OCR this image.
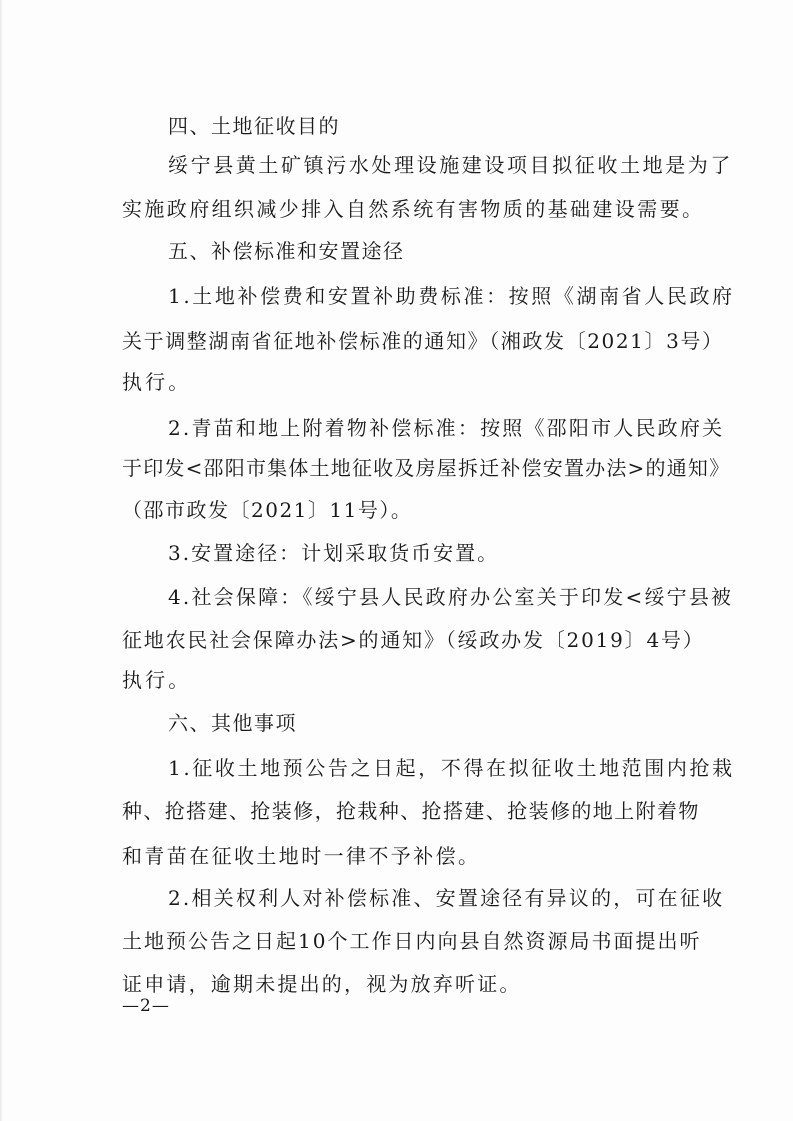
四、土地征收目的
绥宁县黄土矿镇污水处理设施建设项目拟征收土地是为了
实施政府组织减少排入自然系统有害物质的基础建设需要。
五、补偿标准和安置途径
1.土地补偿费和安置补助费标准：按照《湖南省人民政府
关于调整湖南省征地补偿标准的通知》（湘政发〔2021〕3号）
执行。
2.青苗和地上附着物补偿标准：按照《邵阳市人民政府关
于印发<邵阳市集体土地征收及房屋拆迁补偿安置办法>的通知》
（邵市政发〔2021〕11号）。
3.安置途径：计划采取货币安置。
4.社会保障：《绥宁县人民政府办公室关于印发<绥宁县被
征地农民社会保障办法>的通知》（绥政办发〔2019〕4号）
执行。
六、其他事项
1.征收土地预公告之日起，不得在拟征收土地范围内抢栽
种、抢搭建、抢装修，抢栽种、抢搭建、抢装修的地上附着物
和青苗在征收土地时一律不予补偿。
2.相关权利人对补偿标准、安置途径有异议的，可在征收
土地预公告之日起10个工作日内向县自然资源局书面提出听
证申请，逾期未提出的，视为放弃听证。
—2—
